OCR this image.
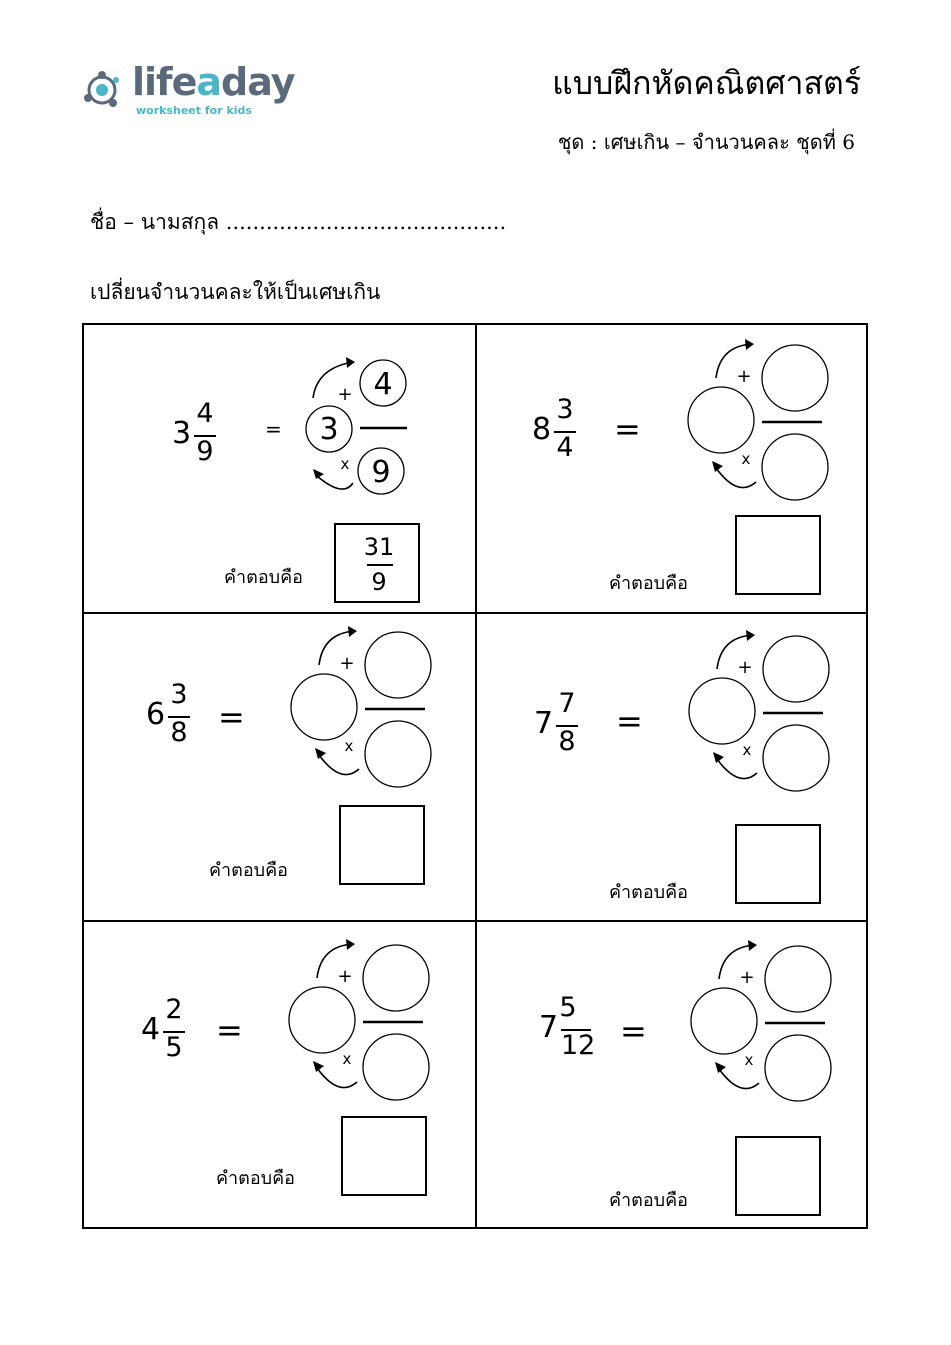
lifeaday
worksheet for kids
แบบฝึกหัดคณิตศาสตร์
ชุด : เศษเกิน – จำนวนคละ ชุดที่ 6
ชื่อ – นามสกุล ..........................................
เปลี่ยนจำนวนคละให้เป็นเศษเกิน
3
4
9
=
+
x
3
4
9
คำตอบคือ
31
9
8
3
4 =
+
x
คำตอบคือ
6
3
8 =
+
x
คำตอบคือ
7
7
8
=
+
x
คำตอบคือ
4
2
5 =
+
x
คำตอบคือ
7
5
12 =
+
x
คำตอบคือ
